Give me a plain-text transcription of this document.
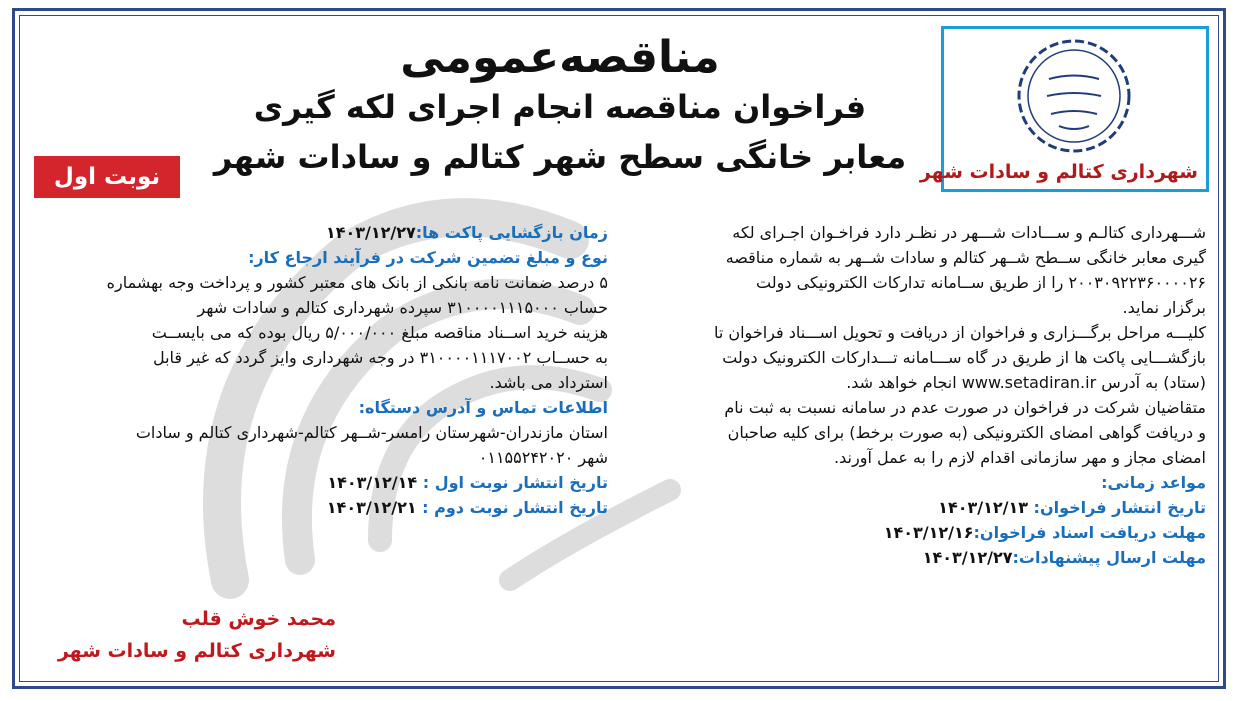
شهرداری کتالم و سادات شهر
مناقصه‌عمومی
فراخوان مناقصه انجام اجرای لکه گیری
معابر خانگی سطح شهر کتالم و سادات شهر
نوبت اول
شـــهرداری کتالـم و ســـادات شـــهر در نظـر دارد فراخـوان اجـرای لکه
گیری معابر خانگی ســطح شــهر کتالم و سادات شــهر به شماره مناقصه
۲۰۰۳۰۹۲۲۳۶۰۰۰۰۲۶ را از طریق ســامانه تدارکات الکترونیکی دولت
برگزار نماید.
کلیـــه مراحل برگـــزاری و فراخوان از دریافت و تحویل اســـناد فراخوان تا
بازگشـــایی پاکت ها از طریق در گاه ســـامانه تـــدارکات الکترونیک دولت
(ستاد) به آدرس www.setadiran.ir انجام خواهد شد.
متقاضیان شرکت در فراخوان در صورت عدم در سامانه نسبت به ثبت نام
و دریافت گواهی امضای الکترونیکی (به صورت برخط) برای کلیه صاحبان
امضای مجاز و مهر سازمانی اقدام لازم را به عمل آورند.
مواعد زمانی:
تاریخ انتشار فراخوان: ۱۴۰۳/۱۲/۱۳
مهلت دریافت اسناد فراخوان:۱۴۰۳/۱۲/۱۶
مهلت ارسال پیشنهادات:۱۴۰۳/۱۲/۲۷
زمان بازگشایی پاکت ها:۱۴۰۳/۱۲/۲۷
نوع و مبلغ تضمین شرکت در فرآیند ارجاع کار:
۵ درصد ضمانت نامه بانکی از بانک های معتبر کشور و پرداخت وجه بهشماره
حساب ۳۱۰۰۰۰۱۱۱۵۰۰۰ سپرده شهرداری کتالم و سادات شهر
هزینه خرید اســناد مناقصه مبلغ ۵/۰۰۰/۰۰۰ ریال بوده که می بایســت
به حســاب ۳۱۰۰۰۰۱۱۱۷۰۰۲ در وجه شهرداری وایز گردد که غیر قابل
استرداد می باشد.
اطلاعات تماس و آدرس دستگاه:
استان مازندران-شهرستان رامسر-شــهر کتالم-شهرداری کتالم و سادات
شهر ۰۱۱۵۵۲۴۲۰۲۰
تاریخ انتشار نوبت اول : ۱۴۰۳/۱۲/۱۴
تاریخ انتشار نوبت دوم : ۱۴۰۳/۱۲/۲۱
محمد خوش قلب
شهرداری کتالم و سادات شهر
